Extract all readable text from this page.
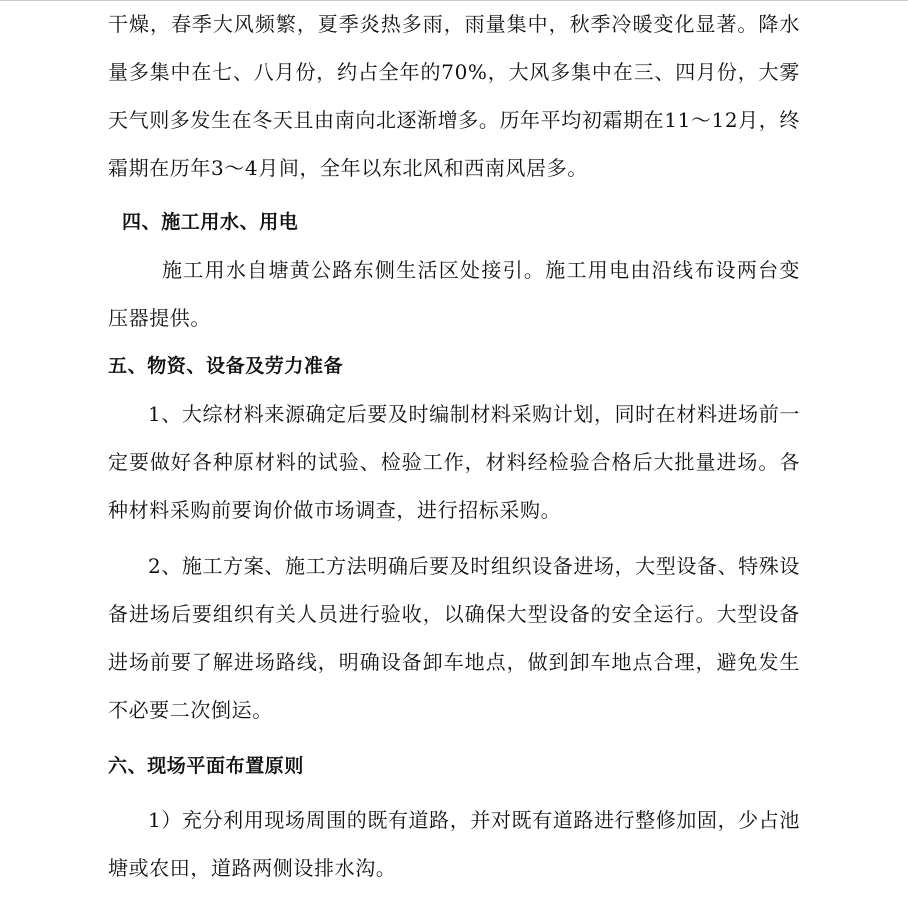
干燥，春季大风频繁，夏季炎热多雨，雨量集中，秋季冷暖变化显著。降水量多集中在七、八月份，约占全年的70%，大风多集中在三、四月份，大雾天气则多发生在冬天且由南向北逐渐增多。历年平均初霜期在11～12月，终霜期在历年3～4月间，全年以东北风和西南风居多。

四、施工用水、用电

施工用水自塘黄公路东侧生活区处接引。施工用电由沿线布设两台变压器提供。

五、物资、设备及劳力准备

1、大综材料来源确定后要及时编制材料采购计划，同时在材料进场前一定要做好各种原材料的试验、检验工作，材料经检验合格后大批量进场。各种材料采购前要询价做市场调查，进行招标采购。

2、施工方案、施工方法明确后要及时组织设备进场，大型设备、特殊设备进场后要组织有关人员进行验收，以确保大型设备的安全运行。大型设备进场前要了解进场路线，明确设备卸车地点，做到卸车地点合理，避免发生不必要二次倒运。

六、现场平面布置原则

1）充分利用现场周围的既有道路，并对既有道路进行整修加固，少占池塘或农田，道路两侧设排水沟。
